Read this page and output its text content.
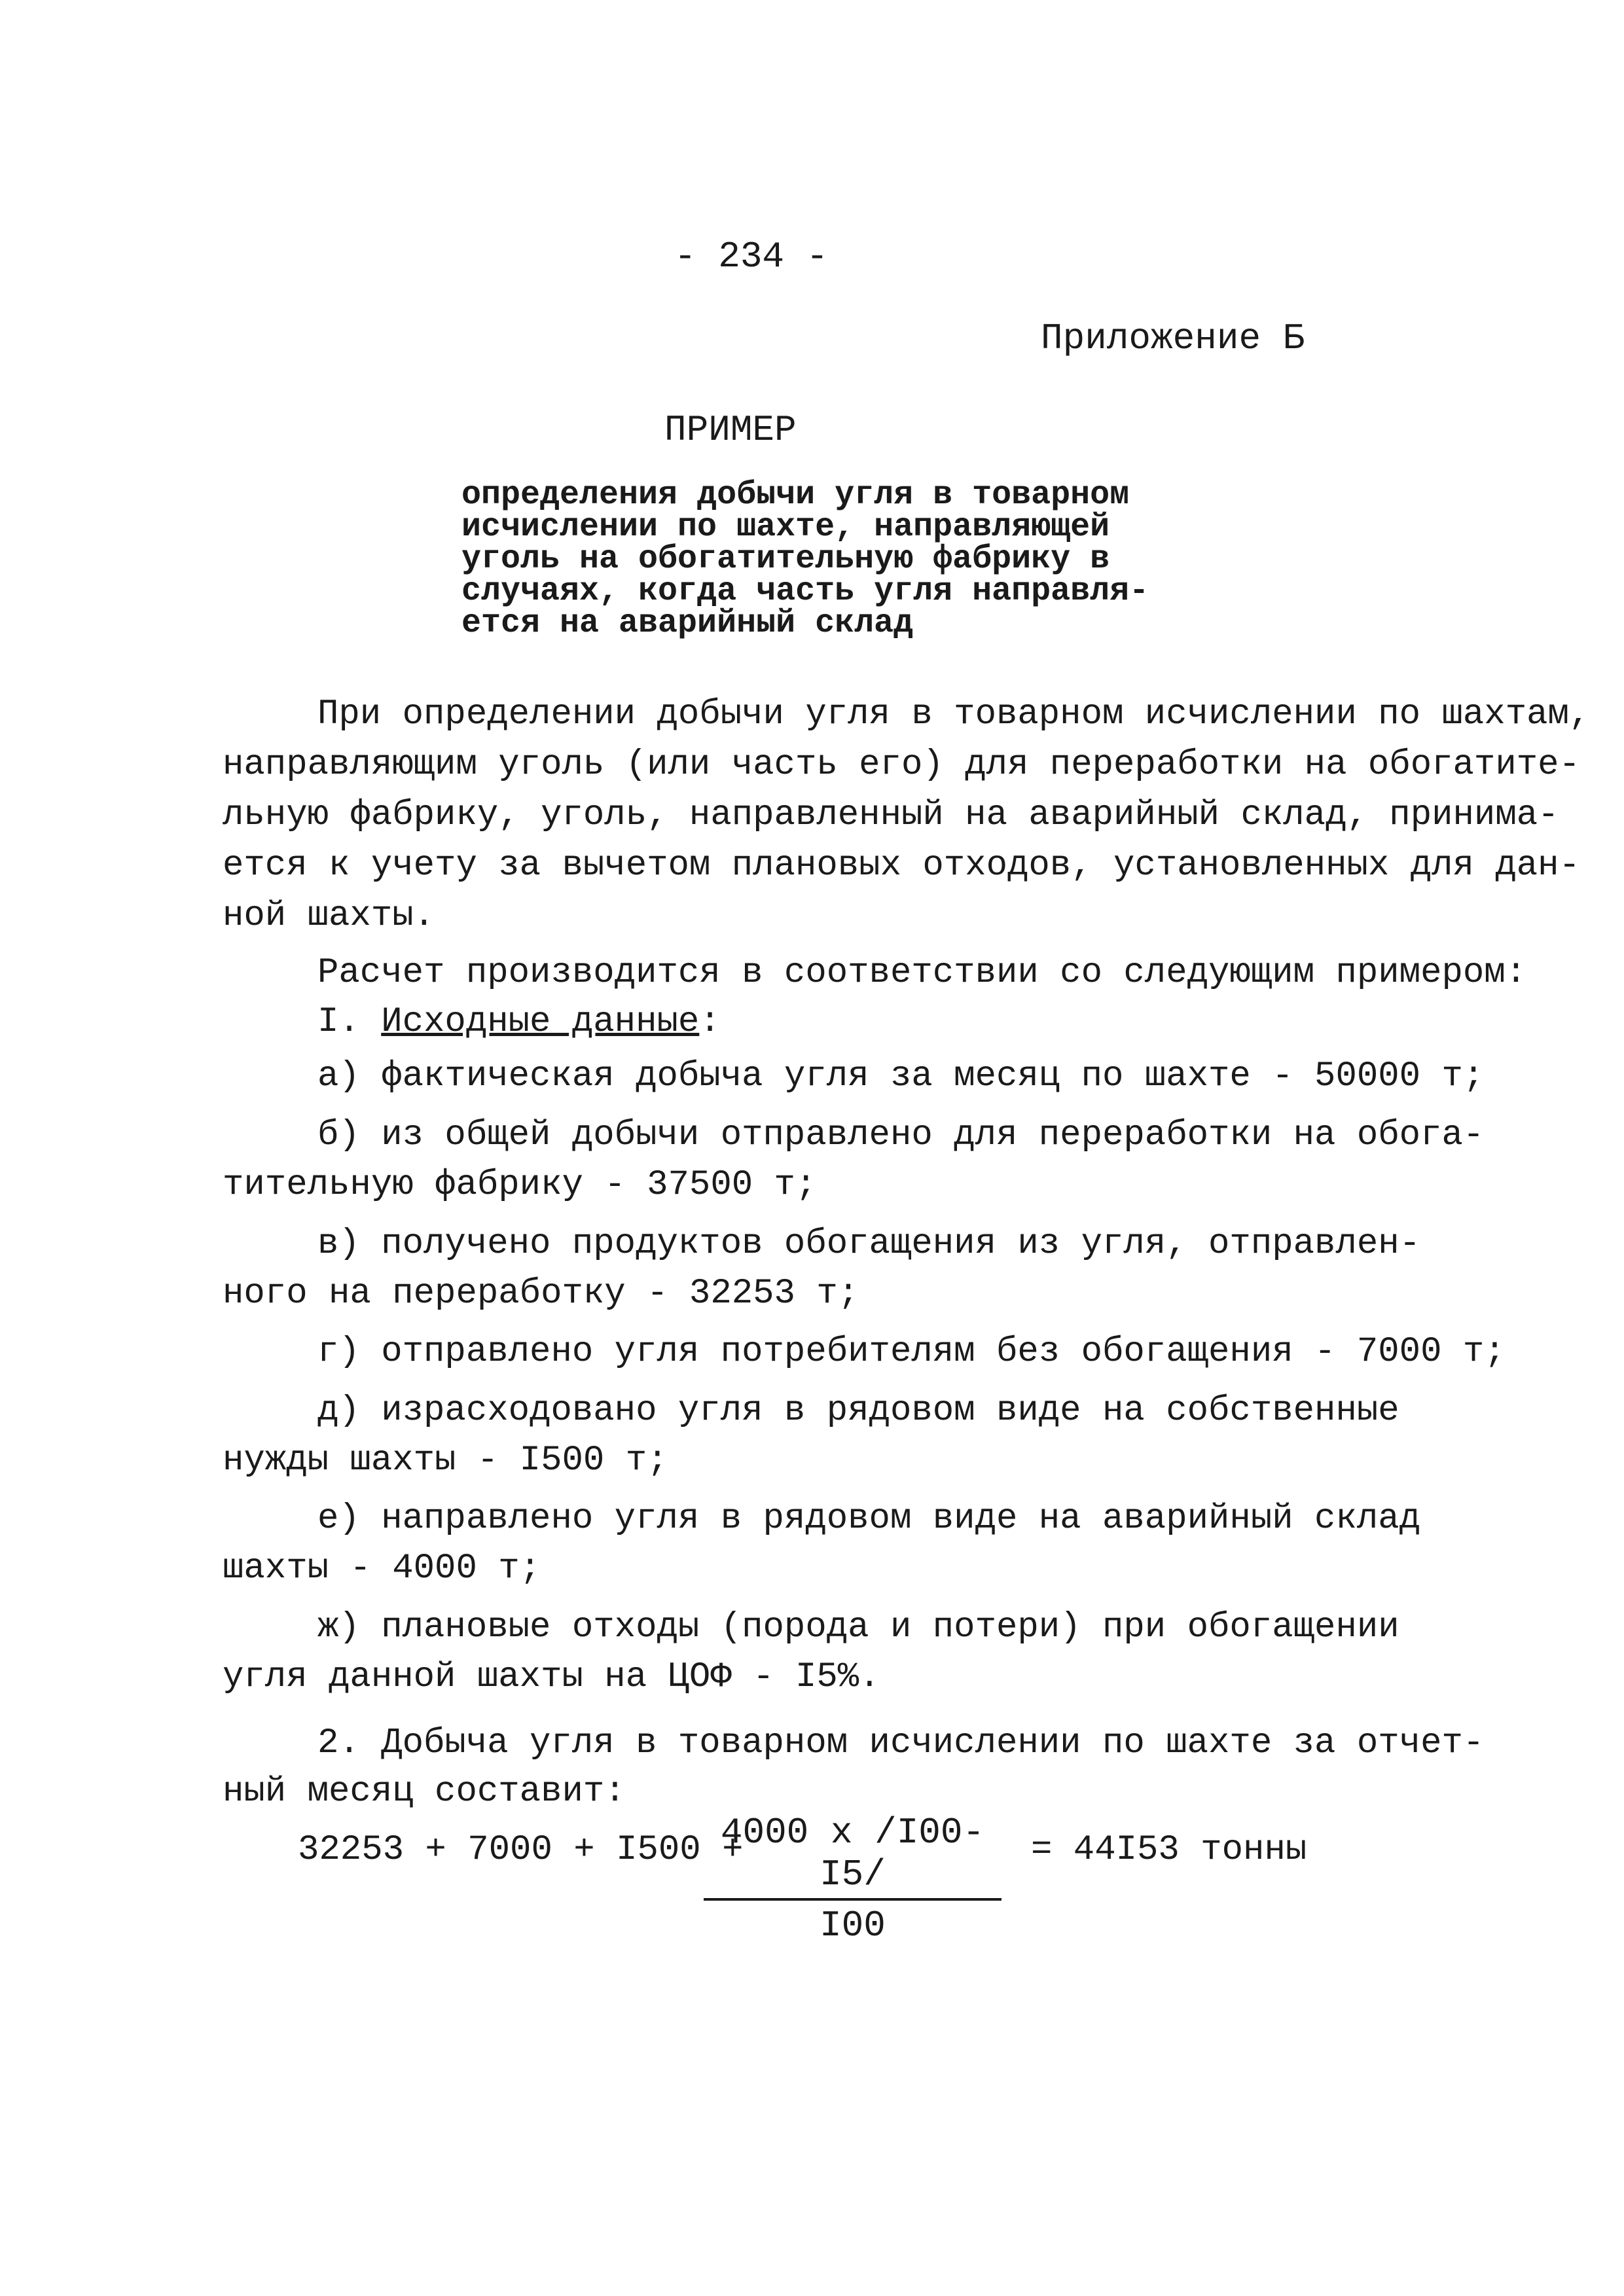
- 234 -
Приложение Б
ПРИМЕР
определения добычи угля в товарном
исчислении по шахте, направляющей
уголь на обогатительную фабрику в
случаях, когда часть угля направля-
ется на аварийный склад
При определении добычи угля в товарном исчислении по шахтам,
направляющим уголь (или часть его) для переработки на обогатите-
льную фабрику, уголь, направленный на аварийный склад, принима-
ется к учету за вычетом плановых отходов, установленных для дан-
ной шахты.
Расчет производится в соответствии со следующим примером:
I. Исходные данные:
а) фактическая добыча угля за месяц по шахте - 50000 т;
б) из общей добычи отправлено для переработки на обога-
тительную фабрику - 37500 т;
в) получено продуктов обогащения из угля, отправлен-
ного на переработку - 32253 т;
г) отправлено угля потребителям без обогащения - 7000 т;
д) израсходовано угля в рядовом виде на собственные
нужды шахты - I500 т;
е) направлено угля в рядовом виде на аварийный склад
шахты - 4000 т;
ж) плановые отходы (порода и потери) при обогащении
угля данной шахты на ЦОФ - I5%.
2. Добыча угля в товарном исчислении по шахте за отчет-
ный месяц составит:
32253 + 7000 + I500 +
4000 х /I00-I5/
I00
= 44I53 тонны
